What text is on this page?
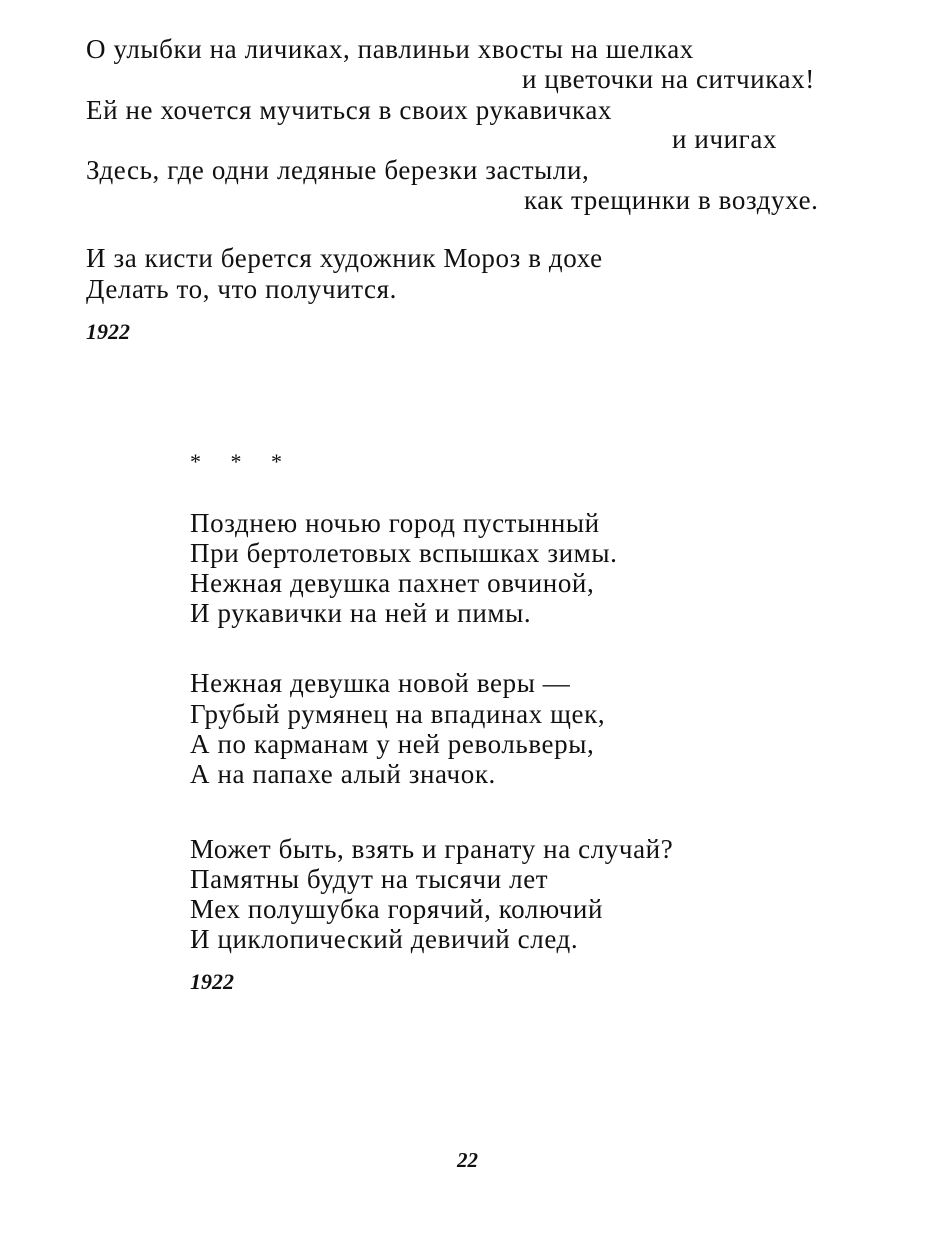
О улыбки на личиках, павлиньи хвосты на шелках
и цветочки на ситчиках!
Ей не хочется мучиться в своих рукавичках
и ичигах
Здесь, где одни ледяные березки застыли,
как трещинки в воздухе.
И за кисти берется художник Мороз в дохе
Делать то, что получится.
1922
* * *
Позднею ночью город пустынный
При бертолетовых вспышках зимы.
Нежная девушка пахнет овчиной,
И рукавички на ней и пимы.
Нежная девушка новой веры —
Грубый румянец на впадинах щек,
А по карманам у ней револьверы,
А на папахе алый значок.
Может быть, взять и гранату на случай?
Памятны будут на тысячи лет
Мех полушубка горячий, колючий
И циклопический девичий след.
1922
22
